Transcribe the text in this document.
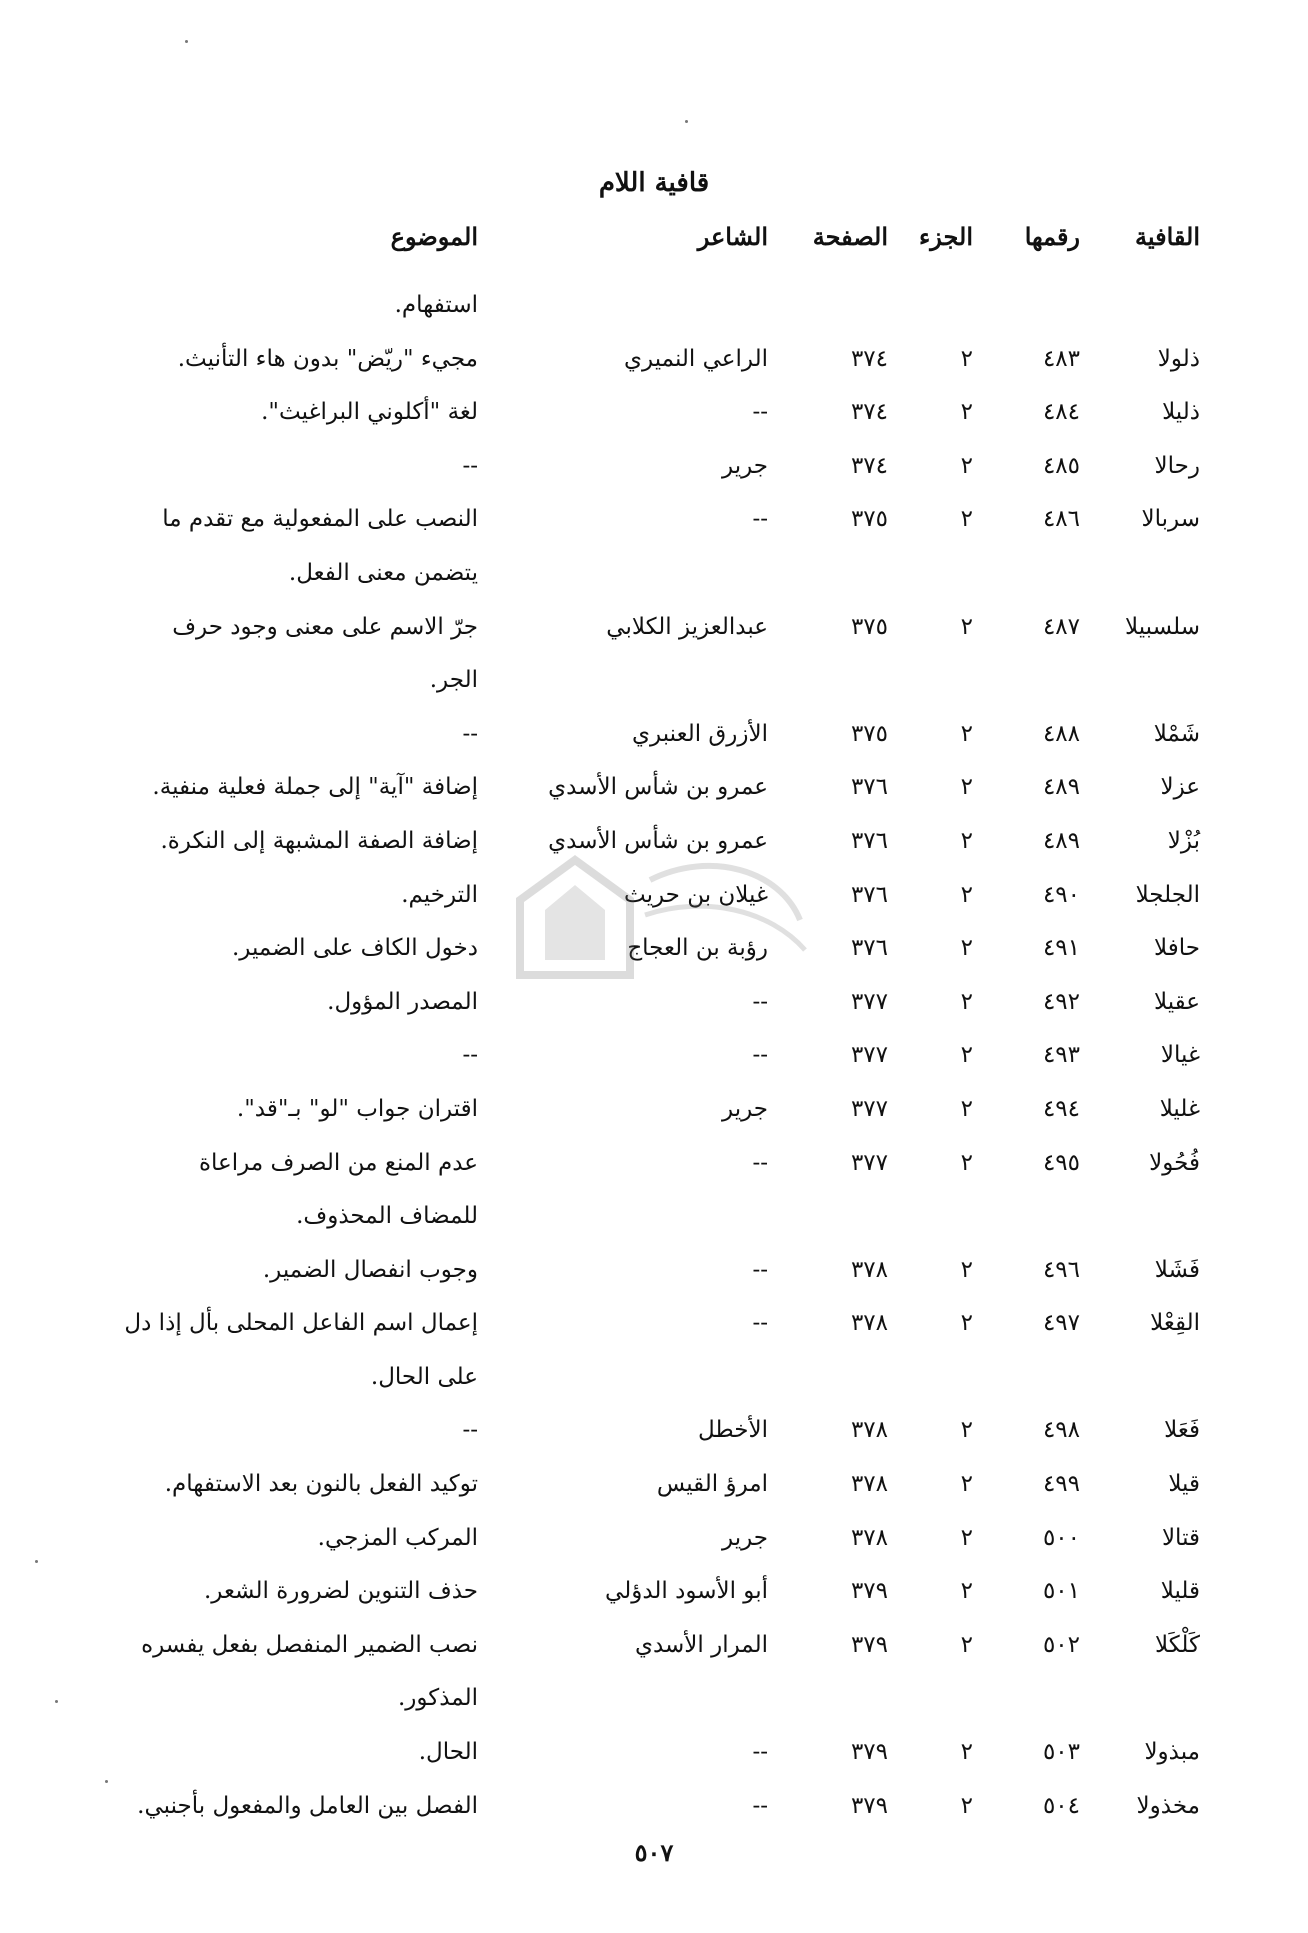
قافية اللام
القافية
رقمها
الجزء
الصفحة
الشاعر
الموضوع
استفهام.
ذلولا
٤٨٣
٢
٣٧٤
الراعي النميري
مجيء "ريّض" بدون هاء التأنيث.
ذليلا
٤٨٤
٢
٣٧٤
--
لغة "أكلوني البراغيث".
رحالا
٤٨٥
٢
٣٧٤
جرير
--
سربالا
٤٨٦
٢
٣٧٥
--
النصب على المفعولية مع تقدم ما
يتضمن معنى الفعل.
سلسبيلا
٤٨٧
٢
٣٧٥
عبدالعزيز الكلابي
جرّ الاسم على معنى وجود حرف
الجر.
شَمْلا
٤٨٨
٢
٣٧٥
الأزرق العنبري
--
عزلا
٤٨٩
٢
٣٧٦
عمرو بن شأس الأسدي
إضافة "آية" إلى جملة فعلية منفية.
بُزْلا
٤٨٩
٢
٣٧٦
عمرو بن شأس الأسدي
إضافة الصفة المشبهة إلى النكرة.
الجلجلا
٤٩٠
٢
٣٧٦
غيلان بن حريث
الترخيم.
حافلا
٤٩١
٢
٣٧٦
رؤبة بن العجاج
دخول الكاف على الضمير.
عقيلا
٤٩٢
٢
٣٧٧
--
المصدر المؤول.
غيالا
٤٩٣
٢
٣٧٧
--
--
غليلا
٤٩٤
٢
٣٧٧
جرير
اقتران جواب "لو" بـ"قد".
فُحُولا
٤٩٥
٢
٣٧٧
--
عدم المنع من الصرف مراعاة
للمضاف المحذوف.
فَشَلا
٤٩٦
٢
٣٧٨
--
وجوب انفصال الضمير.
القِعْلا
٤٩٧
٢
٣٧٨
--
إعمال اسم الفاعل المحلى بأل إذا دل
على الحال.
فَعَلا
٤٩٨
٢
٣٧٨
الأخطل
--
قيلا
٤٩٩
٢
٣٧٨
امرؤ القيس
توكيد الفعل بالنون بعد الاستفهام.
قتالا
٥٠٠
٢
٣٧٨
جرير
المركب المزجي.
قليلا
٥٠١
٢
٣٧٩
أبو الأسود الدؤلي
حذف التنوين لضرورة الشعر.
كَلْكَلا
٥٠٢
٢
٣٧٩
المرار الأسدي
نصب الضمير المنفصل بفعل يفسره
المذكور.
مبذولا
٥٠٣
٢
٣٧٩
--
الحال.
مخذولا
٥٠٤
٢
٣٧٩
--
الفصل بين العامل والمفعول بأجنبي.
٥٠٧
